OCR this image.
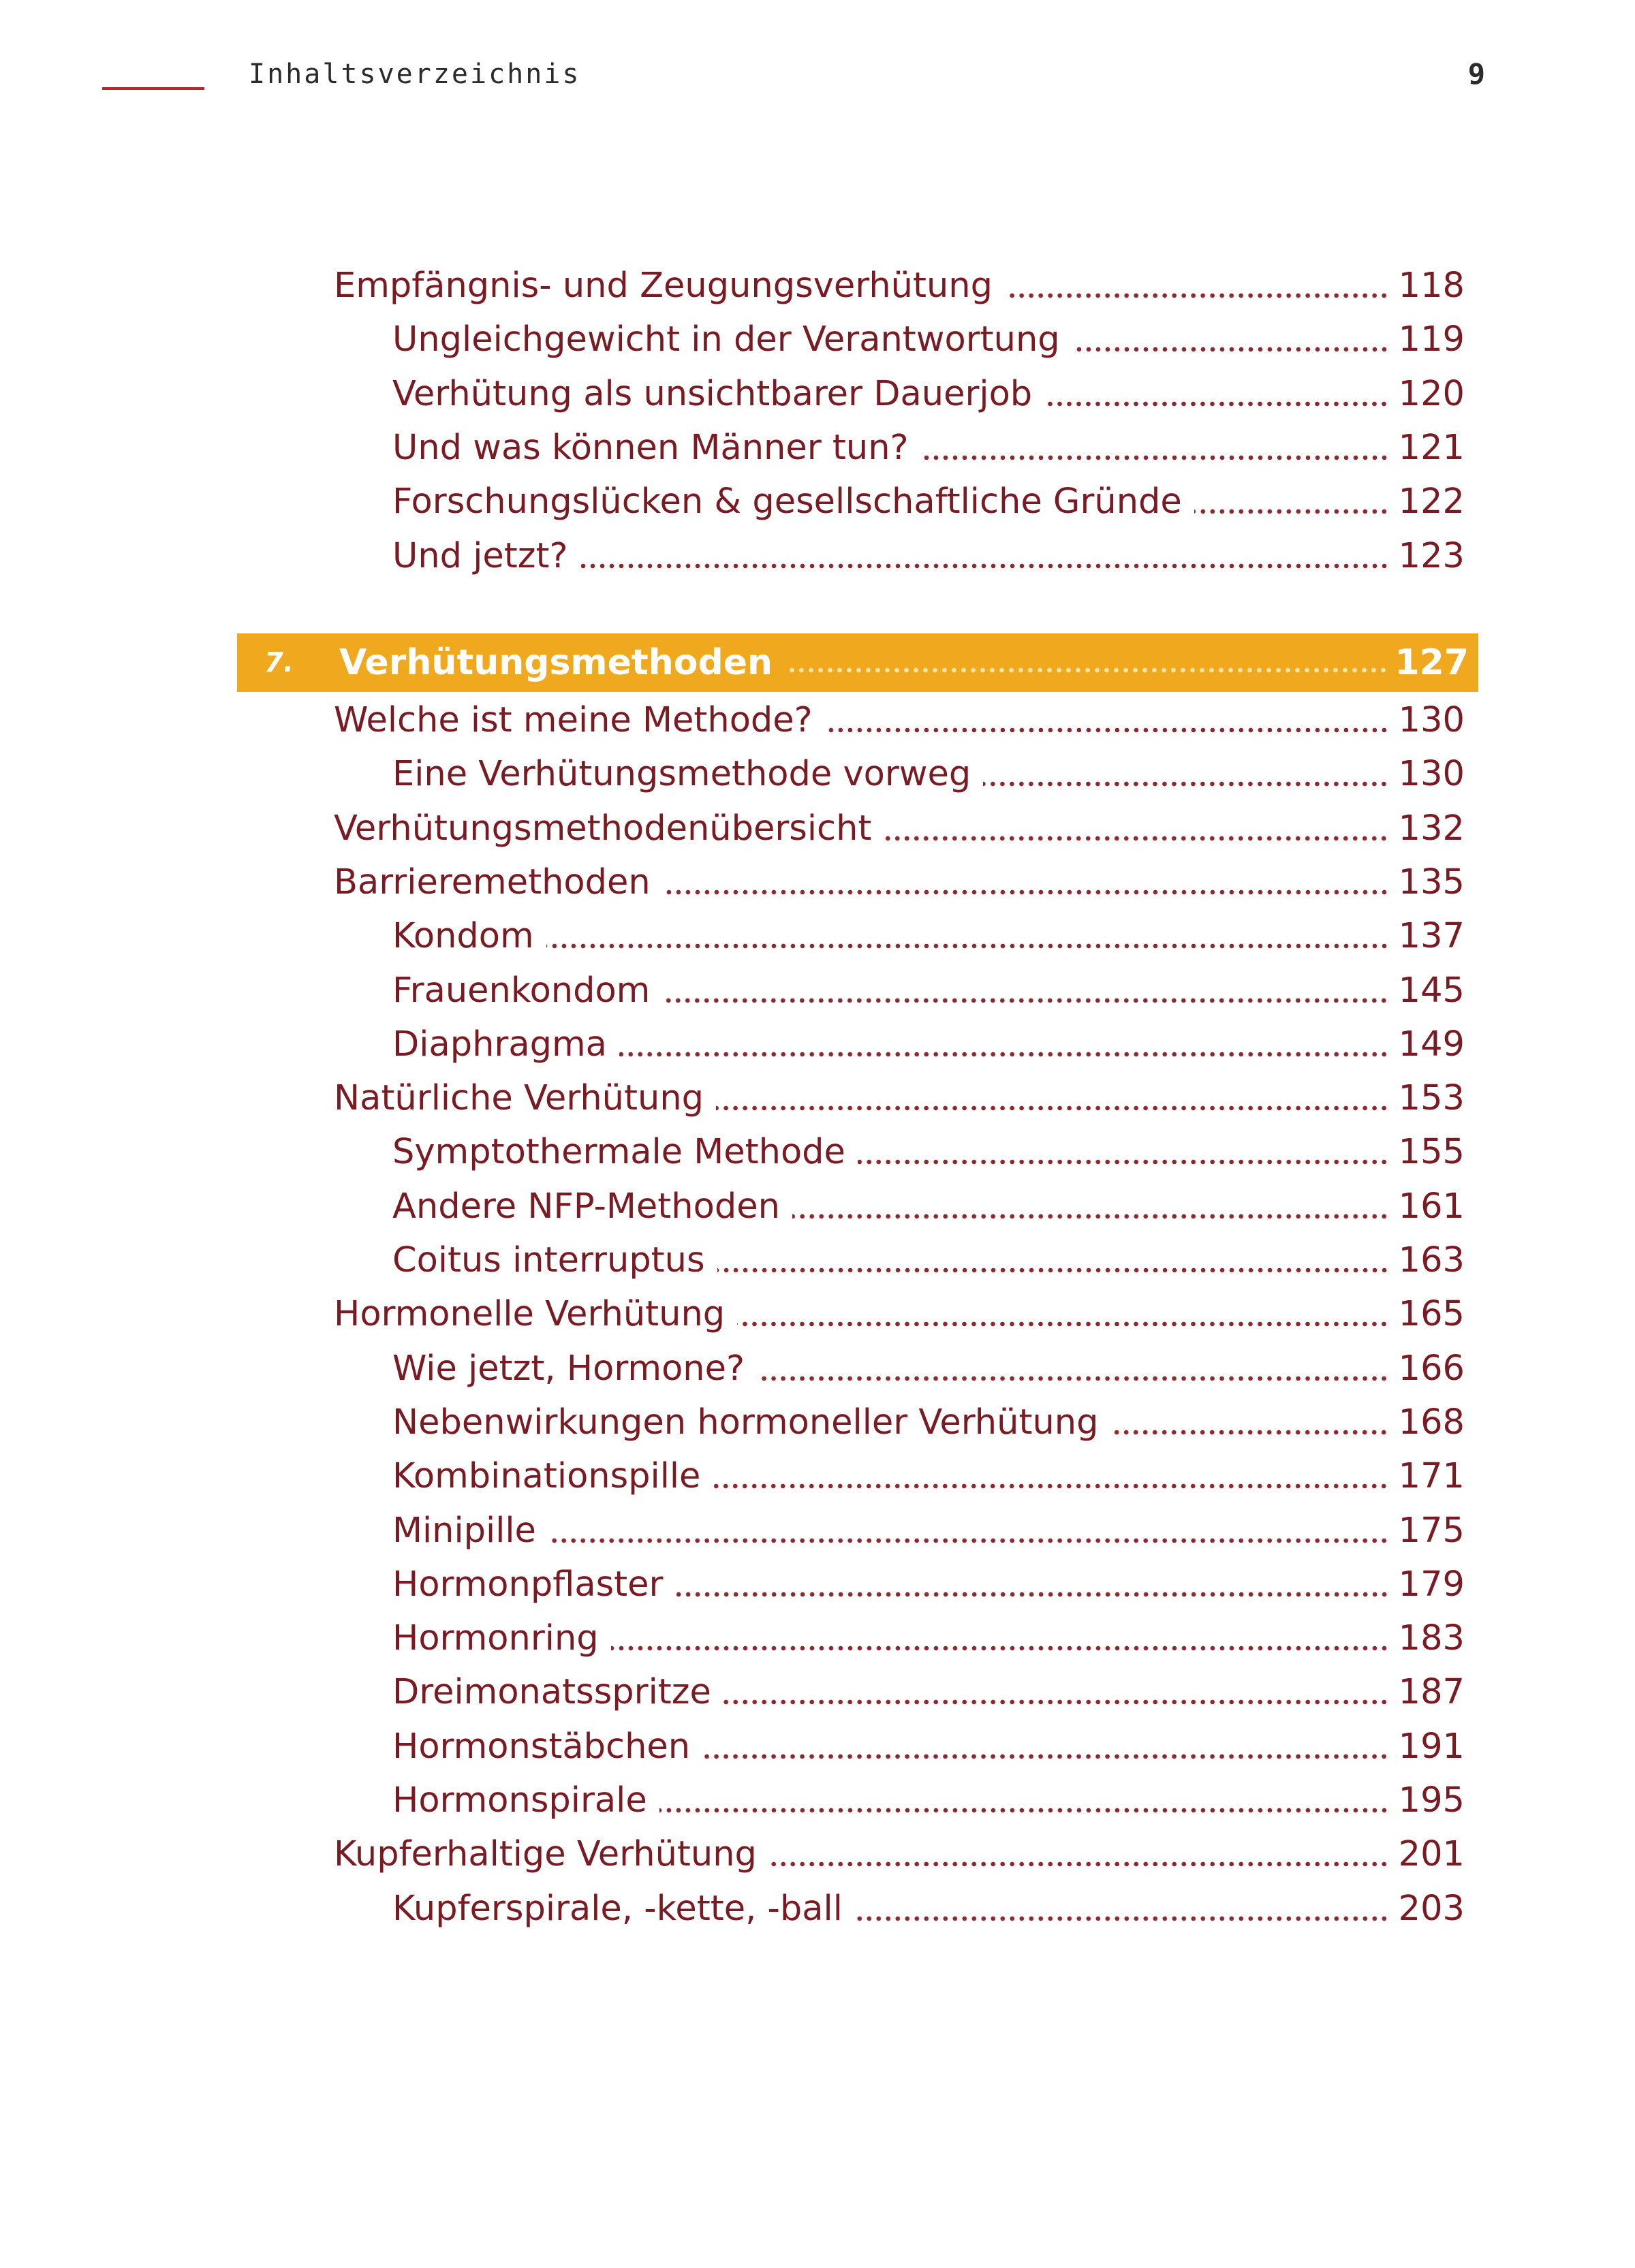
Inhaltsverzeichnis	9
7.	Verhütungsmethoden	127
Empfängnis- und Zeugungsverhütung	118
Ungleichgewicht in der Verantwortung	119
Verhütung als unsichtbarer Dauerjob	120
Und was können Männer tun?	121
Forschungslücken & gesellschaftliche Gründe	122
Und jetzt?	123
Welche ist meine Methode?	130
Eine Verhütungsmethode vorweg	130
Verhütungsmethodenübersicht	132
Barrieremethoden	135
Kondom	137
Frauenkondom	145
Diaphragma	149
Natürliche Verhütung	153
Symptothermale Methode	155
Andere NFP-Methoden	161
Coitus interruptus	163
Hormonelle Verhütung	165
Wie jetzt, Hormone?	166
Nebenwirkungen hormoneller Verhütung	168
Kombinationspille	171
Minipille	175
Hormonpflaster	179
Hormonring	183
Dreimonatsspritze	187
Hormonstäbchen	191
Hormonspirale	195
Kupferhaltige Verhütung	201
Kupferspirale, -kette, -ball	203
